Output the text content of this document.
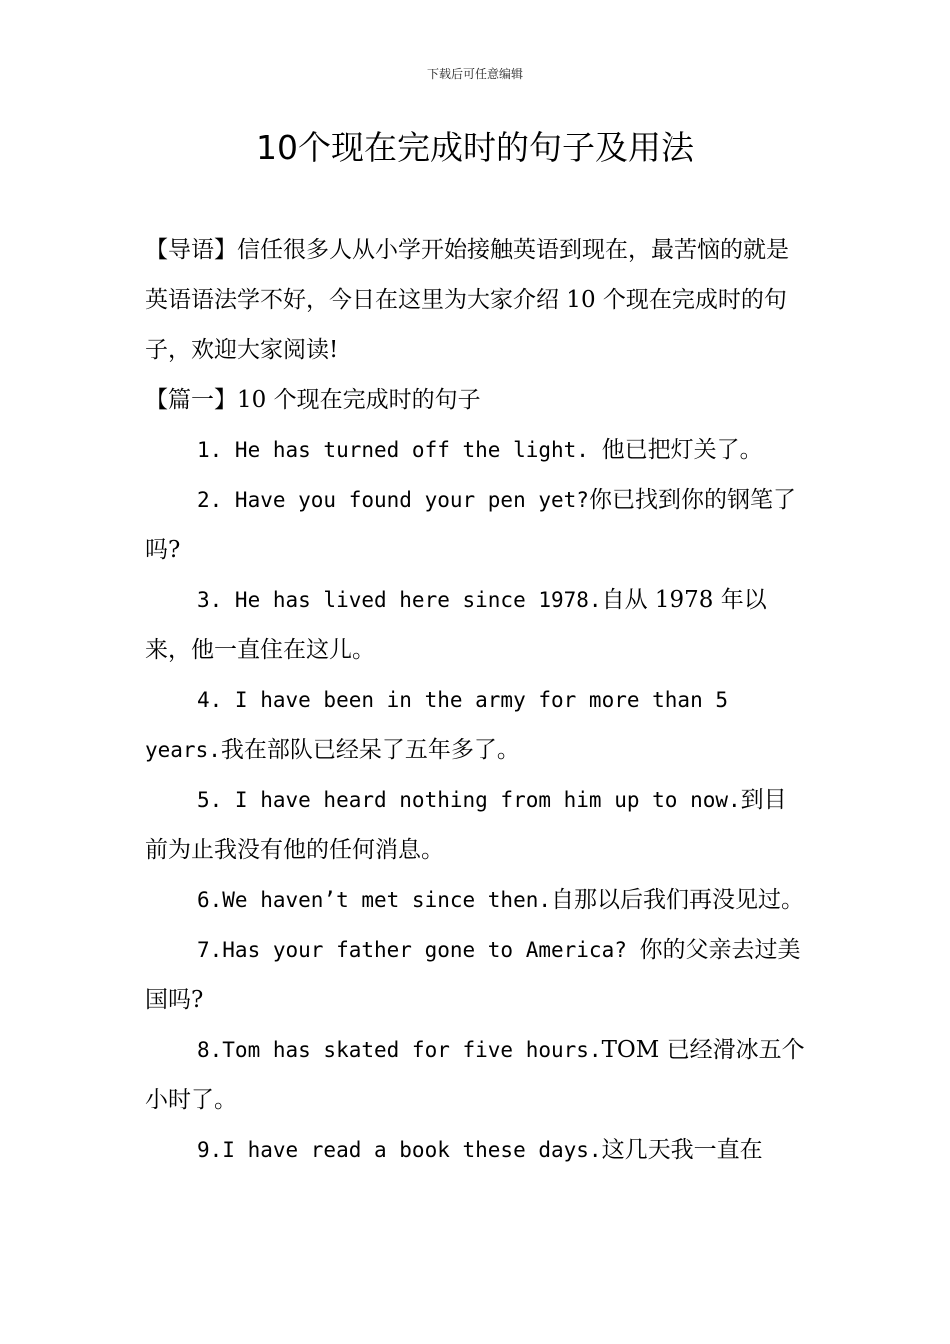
下载后可任意编辑
10个现在完成时的句子及用法

【导语】信任很多人从小学开始接触英语到现在，最苦恼的就是英语语法学不好，今日在这里为大家介绍 10 个现在完成时的句子，欢迎大家阅读!

【篇一】10 个现在完成时的句子

1. He has turned off the light. 他已把灯关了。

2. Have you found your pen yet?你已找到你的钢笔了吗?

3. He has lived here since 1978.自从 1978 年以来，他一直住在这儿。

4. I have been in the army for more than 5 years.我在部队已经呆了五年多了。

5. I have heard nothing from him up to now.到目前为止我没有他的任何消息。

6.We haven’t met since then.自那以后我们再没见过。

7.Has your father gone to America? 你的父亲去过美国吗?

8.Tom has skated for five hours.TOM 已经滑冰五个小时了。

9.I have read a book these days.这几天我一直在
